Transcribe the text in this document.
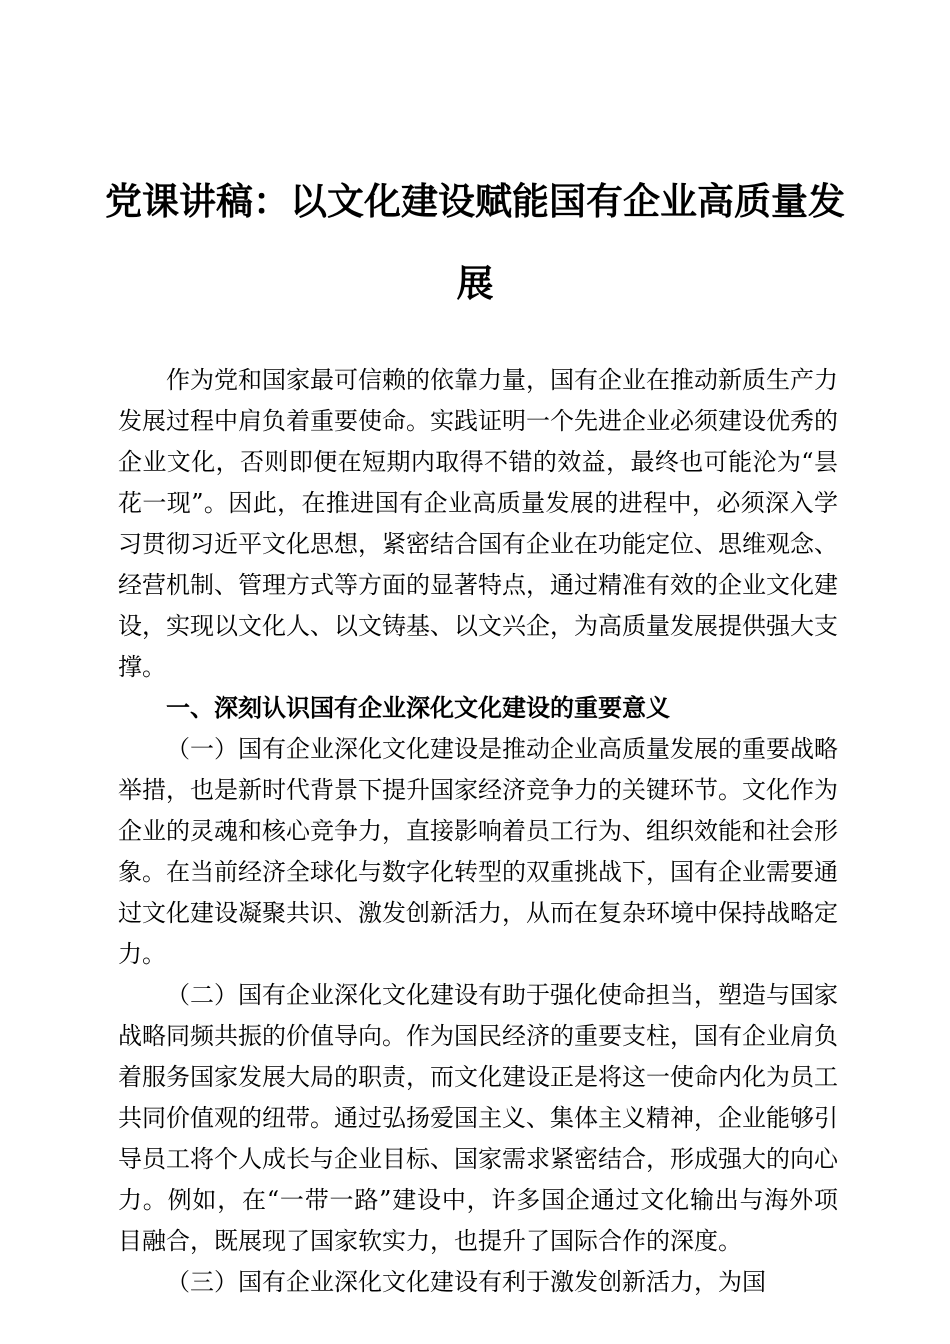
党课讲稿：以文化建设赋能国有企业高质量发展

作为党和国家最可信赖的依靠力量，国有企业在推动新质生产力发展过程中肩负着重要使命。实践证明一个先进企业必须建设优秀的企业文化，否则即便在短期内取得不错的效益，最终也可能沦为“昙花一现”。因此，在推进国有企业高质量发展的进程中，必须深入学习贯彻习近平文化思想，紧密结合国有企业在功能定位、思维观念、经营机制、管理方式等方面的显著特点，通过精准有效的企业文化建设，实现以文化人、以文铸基、以文兴企，为高质量发展提供强大支撑。

一、深刻认识国有企业深化文化建设的重要意义

（一）国有企业深化文化建设是推动企业高质量发展的重要战略举措，也是新时代背景下提升国家经济竞争力的关键环节。文化作为企业的灵魂和核心竞争力，直接影响着员工行为、组织效能和社会形象。在当前经济全球化与数字化转型的双重挑战下，国有企业需要通过文化建设凝聚共识、激发创新活力，从而在复杂环境中保持战略定力。

（二）国有企业深化文化建设有助于强化使命担当，塑造与国家战略同频共振的价值导向。作为国民经济的重要支柱，国有企业肩负着服务国家发展大局的职责，而文化建设正是将这一使命内化为员工共同价值观的纽带。通过弘扬爱国主义、集体主义精神，企业能够引导员工将个人成长与企业目标、国家需求紧密结合，形成强大的向心力。例如，在“一带一路”建设中，许多国企通过文化输出与海外项目融合，既展现了国家软实力，也提升了国际合作的深度。

（三）国有企业深化文化建设有利于激发创新活力，为国
